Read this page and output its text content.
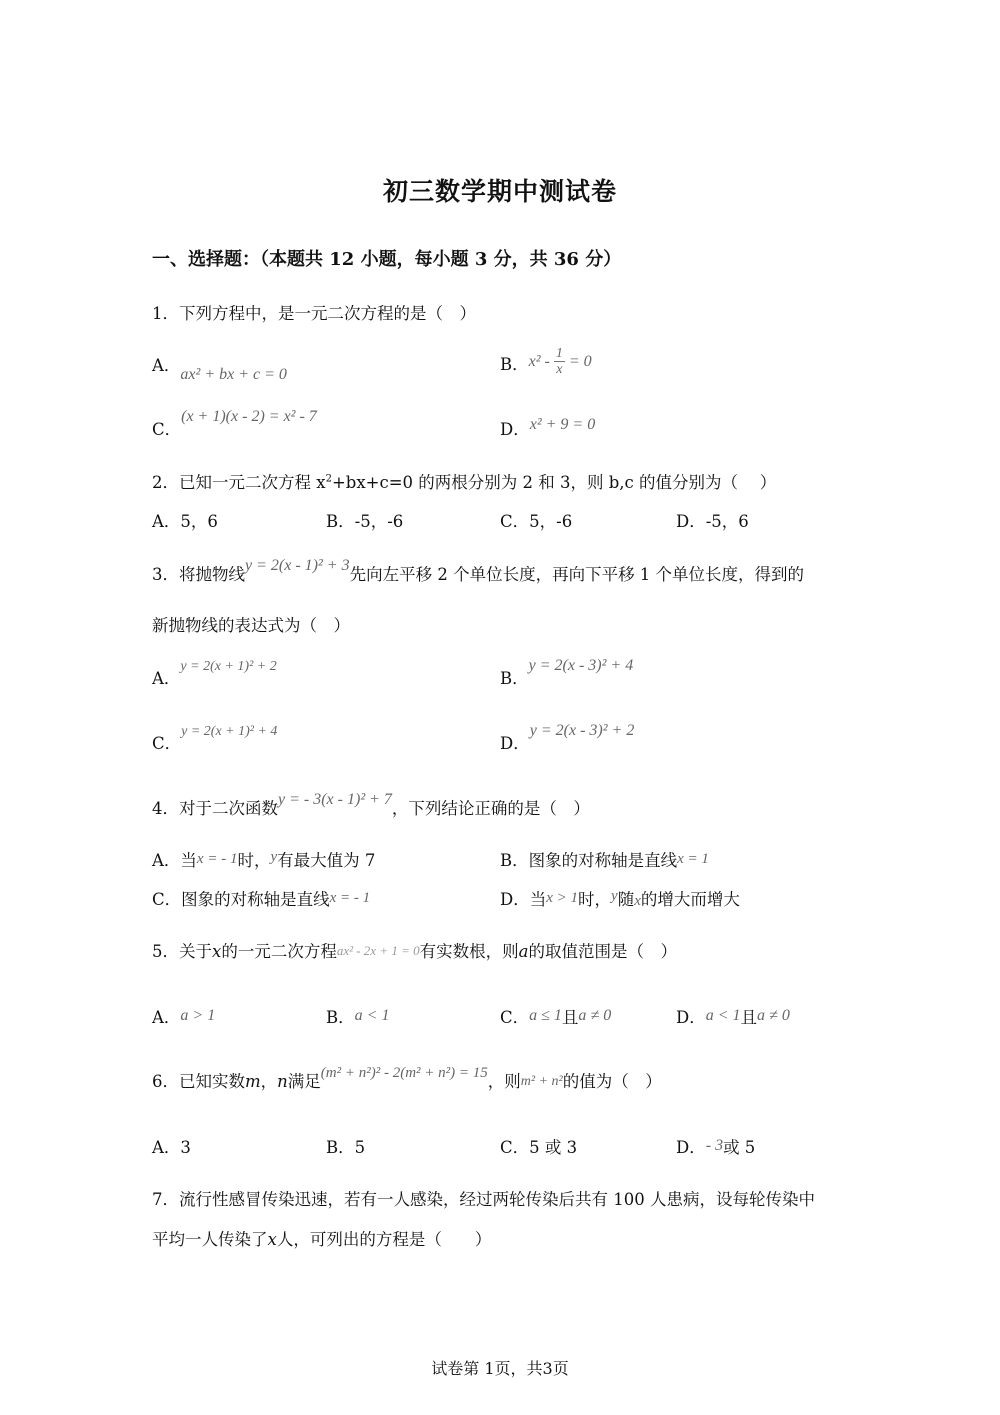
初三数学期中测试卷
一、选择题：（本题共 12 小题，每小题 3 分，共 36 分）
1．下列方程中，是一元二次方程的是（　）
A．ax² + bx + c = 0
B．$x^2 - \frac{1}{x} = 0$
C．(x + 1)(x - 2) = x² - 7
D．x² + 9 = 0
2．已知一元二次方程 $x^2+bx+c=0$ 的两根分别为 2 和 3，则 b,c 的值分别为（　 ）
A．5，6	B．-5，-6	C．5，-6	D．-5，6
3．将抛物线y = 2(x - 1)² + 3先向左平移 2 个单位长度，再向下平移 1 个单位长度，得到的
新抛物线的表达式为（　）
A．$^{y = 2(x + 1)^2 + 2}$
B．y = 2(x - 3)² + 4
C．$^{y = 2(x + 1)^2 + 4}$
D．y = 2(x - 3)² + 2
4．对于二次函数y = - 3(x - 1)² + 7，下列结论正确的是（　）
A．当x = - 1时，y有最大值为 7	B．图象的对称轴是直线x = 1
C．图象的对称轴是直线x = - 1	D．当x > 1时，y随x的增大而增大
5．关于x的一元二次方程ax² - 2x + 1 = 0有实数根，则a的取值范围是（　）
A．a > 1	B．a < 1	C．a ≤ 1且a ≠ 0	D．a < 1且a ≠ 0
6．已知实数m，n满足(m² + n²)² - 2(m² + n²) = 15，则m² + n²的值为（　）
A．3	B．5	C．5 或 3	D．- 3或 5
7．流行性感冒传染迅速，若有一人感染，经过两轮传染后共有 100 人患病，设每轮传染中
平均一人传染了x人，可列出的方程是（　　）
试卷第 1页，共3页
